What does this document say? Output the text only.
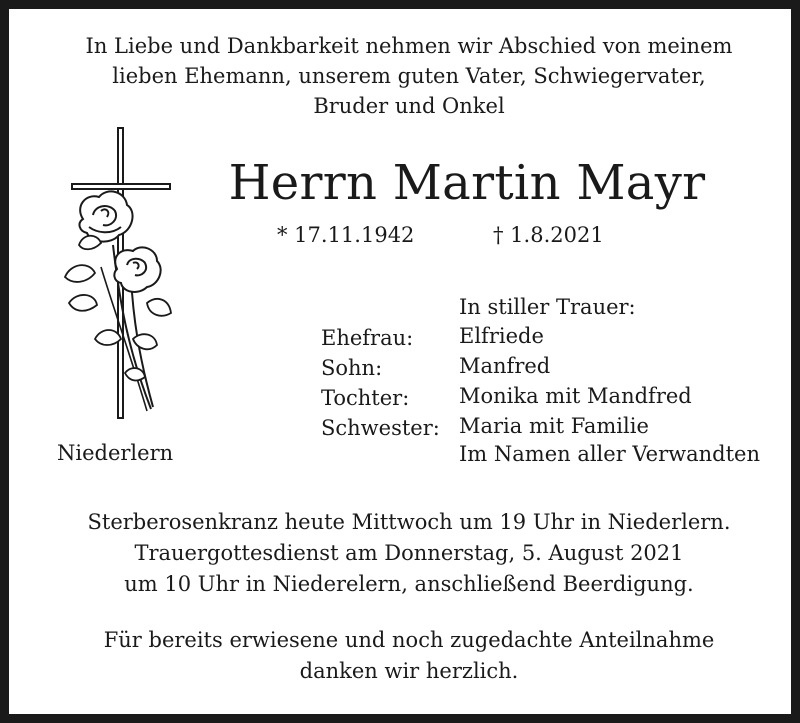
In Liebe und Dankbarkeit nehmen wir Abschied von meinem
lieben Ehemann, unserem guten Vater, Schwiegervater,
Bruder und Onkel
Herrn Martin Mayr
* 17.11.1942	† 1.8.2021
Niederlern
In stiller Trauer:
Ehefrau:
Sohn:
Tochter:
Schwester:
Elfriede
Manfred
Monika mit Mandfred
Maria mit Familie
Im Namen aller Verwandten
Sterberosenkranz heute Mittwoch um 19 Uhr in Niederlern.
Trauergottesdienst am Donnerstag, 5. August 2021
um 10 Uhr in Niederelern, anschließend Beerdigung.
Für bereits erwiesene und noch zugedachte Anteilnahme
danken wir herzlich.
